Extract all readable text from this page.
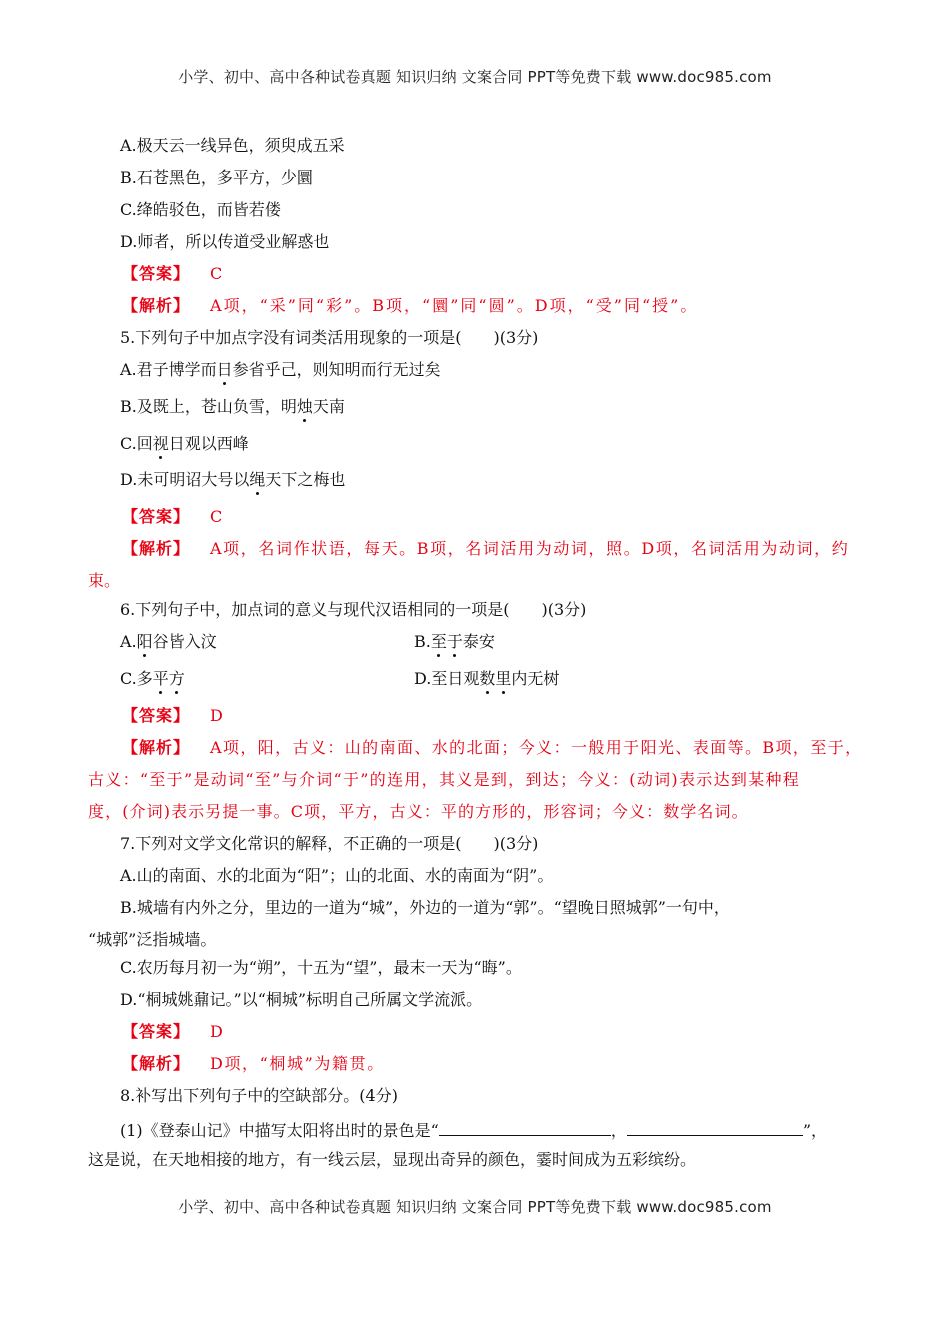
小学、初中、高中各种试卷真题 知识归纳 文案合同 PPT等免费下载 www.doc985.com
A.极天云一线异色，须臾成五采
B.石苍黑色，多平方，少圜
C.绛皓驳色，而皆若偻
D.师者，所以传道受业解惑也
【答案】 C
【解析】 A项，“采”同“彩”。B项，“圜”同“圆”。D项，“受”同“授”。
5.下列句子中加点字没有词类活用现象的一项是(　　)(3分)
A.君子博学而日参省乎己，则知明而行无过矣
B.及既上，苍山负雪，明烛天南
C.回视日观以西峰
D.未可明诏大号以绳天下之梅也
【答案】 C
【解析】 A项，名词作状语，每天。B项，名词活用为动词，照。D项，名词活用为动词，约
束。
6.下列句子中，加点词的意义与现代汉语相同的一项是(　　)(3分)
A.阳谷皆入汶	B.至于泰安
C.多平方	D.至日观数里内无树
【答案】 D
【解析】 A项，阳，古义：山的南面、水的北面；今义：一般用于阳光、表面等。B项，至于，
古义：“至于”是动词“至”与介词“于”的连用，其义是到，到达；今义：(动词)表示达到某种程
度，(介词)表示另提一事。C项，平方，古义：平的方形的，形容词；今义：数学名词。
7.下列对文学文化常识的解释，不正确的一项是(　　)(3分)
A.山的南面、水的北面为“阳”；山的北面、水的南面为“阴”。
B.城墙有内外之分，里边的一道为“城”，外边的一道为“郭”。“望晚日照城郭”一句中，
“城郭”泛指城墙。
C.农历每月初一为“朔”，十五为“望”，最末一天为“晦”。
D.“桐城姚鼐记。”以“桐城”标明自己所属文学流派。
【答案】 D
【解析】 D项，“桐城”为籍贯。
8.补写出下列句子中的空缺部分。(4分)
(1)《登泰山记》中描写太阳将出时的景色是“	，	”，
这是说，在天地相接的地方，有一线云层，显现出奇异的颜色，霎时间成为五彩缤纷。
小学、初中、高中各种试卷真题 知识归纳 文案合同 PPT等免费下载 www.doc985.com
